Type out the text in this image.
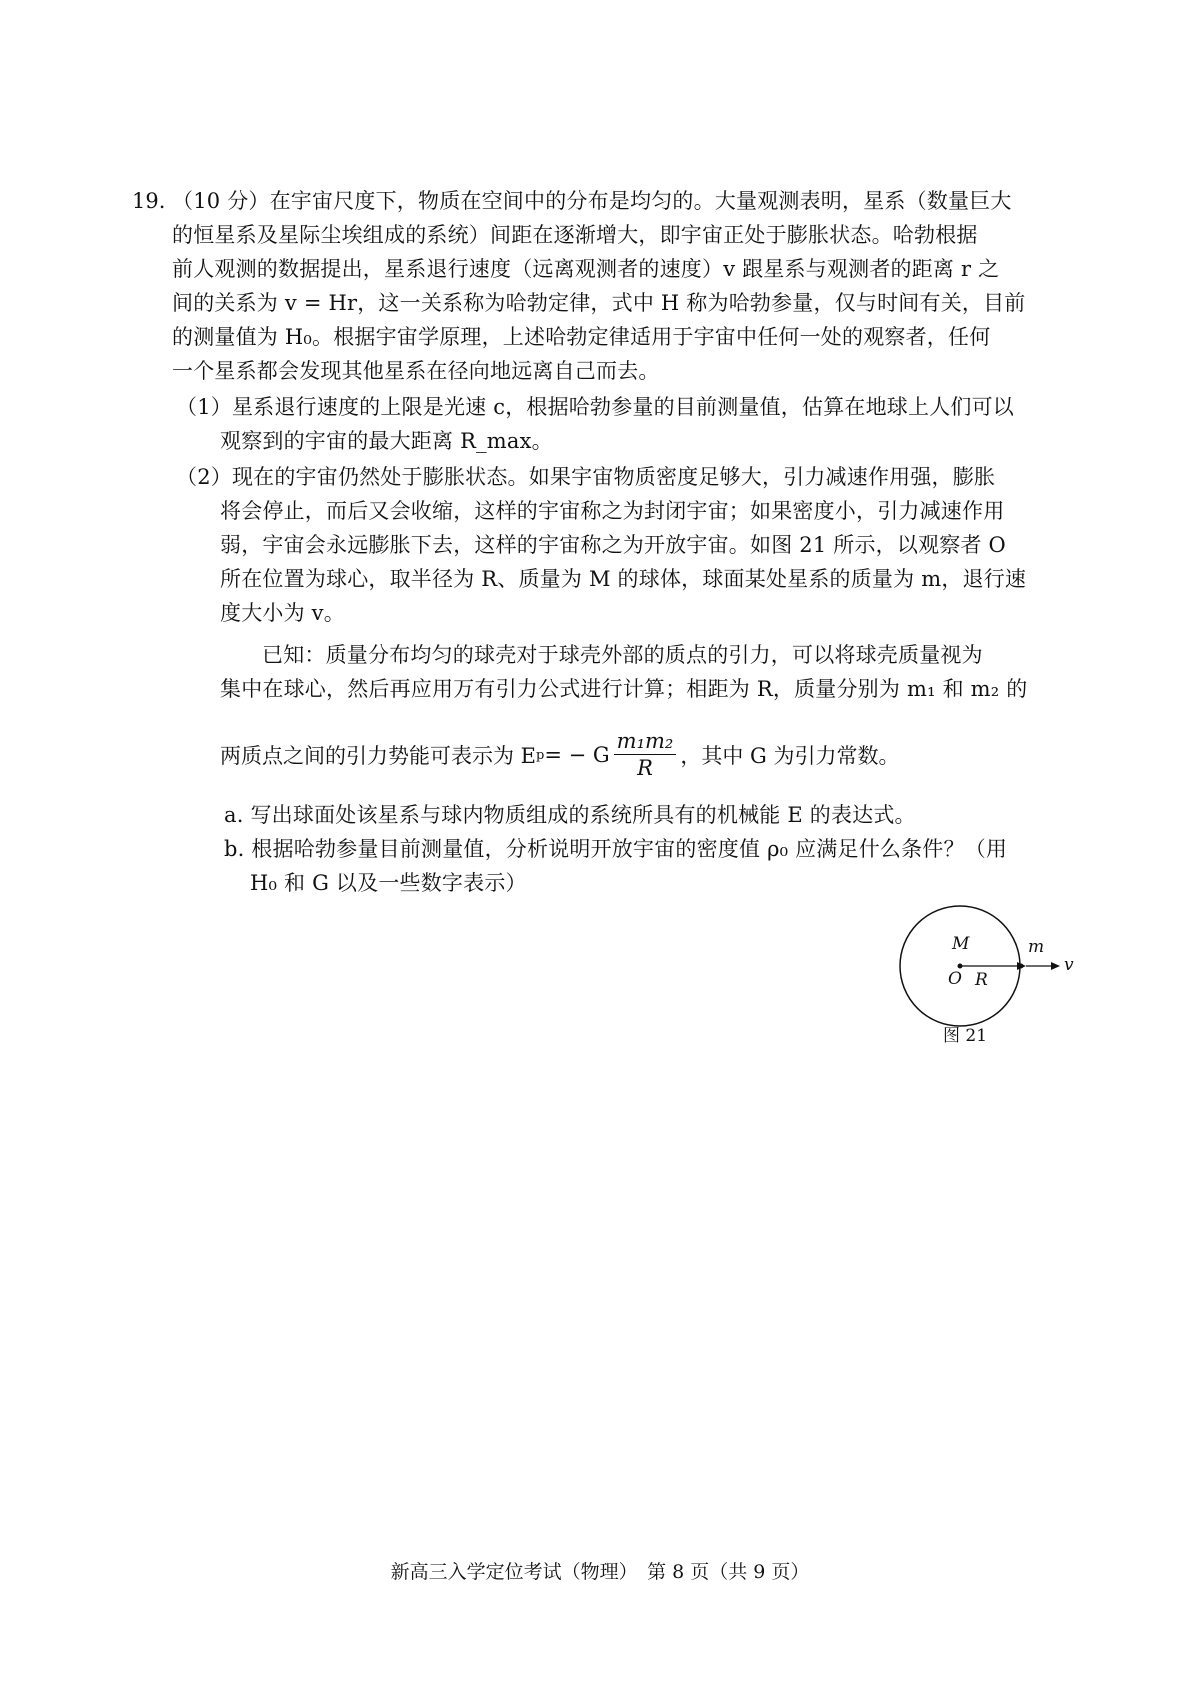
19. （10 分）在宇宙尺度下，物质在空间中的分布是均匀的。大量观测表明，星系（数量巨大
的恒星系及星际尘埃组成的系统）间距在逐渐增大，即宇宙正处于膨胀状态。哈勃根据
前人观测的数据提出，星系退行速度（远离观测者的速度）v 跟星系与观测者的距离 r 之
间的关系为 v = Hr，这一关系称为哈勃定律，式中 H 称为哈勃参量，仅与时间有关，目前
的测量值为 H₀。根据宇宙学原理，上述哈勃定律适用于宇宙中任何一处的观察者，任何
一个星系都会发现其他星系在径向地远离自己而去。
（1）星系退行速度的上限是光速 c，根据哈勃参量的目前测量值，估算在地球上人们可以
观察到的宇宙的最大距离 R_max。
（2）现在的宇宙仍然处于膨胀状态。如果宇宙物质密度足够大，引力减速作用强，膨胀
将会停止，而后又会收缩，这样的宇宙称之为封闭宇宙；如果密度小，引力减速作用
弱，宇宙会永远膨胀下去，这样的宇宙称之为开放宇宙。如图 21 所示，以观察者 O
所在位置为球心，取半径为 R、质量为 M 的球体，球面某处星系的质量为 m，退行速
度大小为 v。
已知：质量分布均匀的球壳对于球壳外部的质点的引力，可以将球壳质量视为
集中在球心，然后再应用万有引力公式进行计算；相距为 R，质量分别为 m₁ 和 m₂ 的
两质点之间的引力势能可表示为 E p = − G $\frac{\text{m₁m₂}}{R}$ ，其中 G 为引力常数。
a. 写出球面处该星系与球内物质组成的系统所具有的机械能 E 的表达式。
b. 根据哈勃参量目前测量值，分析说明开放宇宙的密度值 ρ₀ 应满足什么条件？（用
H₀ 和 G 以及一些数字表示）
M
O R
m
v
图 21
新高三入学定位考试（物理）　第 8 页（共 9 页）
